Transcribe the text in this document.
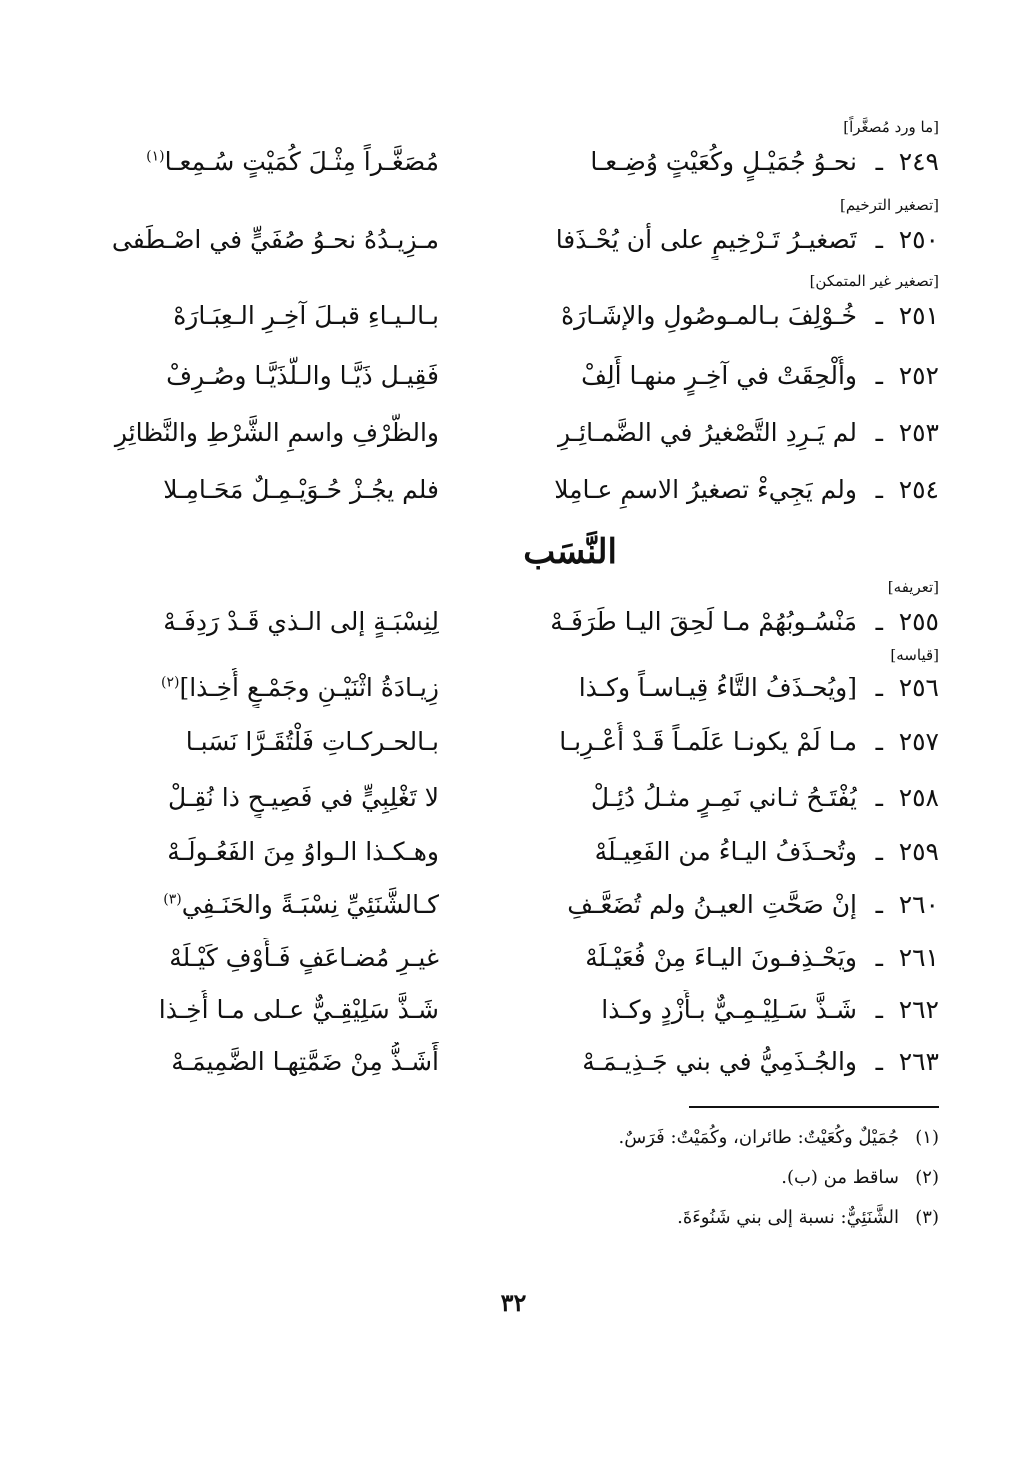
[ما ورد مُصغَّراً]
٢٤٩
ـ
نحـوُ جُمَيْـلٍ وكُعَيْتٍ وُضِـعـا
مُصَغَّـراً مِثْـلَ كُمَيْتٍ سُـمِعـا$^{(١)}$
[تصغير الترخيم]
٢٥٠
ـ
تَصغيـرُ تَـرْخِيمٍ على أن يُحْـذَفا
مـزِيـدُهُ نحـوُ صُفَيٍّ في اصْـطَفى
[تصغير غير المتمكن]
٢٥١
ـ
خُـوْلِفَ بـالمـوصُولِ والإشَـارَهْ
بـالـيـاءِ قبـلَ آخِـرِ الـعِبَـارَهْ
٢٥٢
ـ
وأُلْحِقَتْ في آخِـرٍ منهـا أَلِفْ
فَقِيـل ذَيَّـا والـلَّذَيَّـا وصُـرِفْ
٢٥٣
ـ
لم يَـرِدِ التَّصْغيرُ في الضَّمـائِـرِ
والظَّرْفِ واسمِ الشَّرْطِ والنَّظائِرِ
٢٥٤
ـ
ولم يَجِيءْ تصغيرُ الاسمِ عـامِلا
فلم يجُـزْ حُـوَيْـمِـلٌ مَحَـامِـلا
النَّسَب
[تعريفه]
٢٥٥
ـ
مَنْسُـوبُهُمْ مـا لَحِقَ اليـا طَرَفَـهْ
لِنِسْبَـةٍ إلى الـذي قَـدْ رَدِفَـهْ
[قياسه]
٢٥٦
ـ
[ويُحـذَفُ التَّاءُ قِيـاسـاً وكـذا
زِيـادَةُ اثْنَيْـنِ وجَمْـعٍ أُخِـذا]$^{(٢)}$
٢٥٧
ـ
مـا لَمْ يكونـا عَلَمـاً قَـدْ أُعْـرِبـا
بـالحـركـاتِ فَلْتُقَـرَّا نَسَبـا
٢٥٨
ـ
يُفْتَـحُ ثـاني نَمِـرٍ مثـلُ دُئِـلْ
لا تَغْلِبِيٍّ في فَصِيـحٍ ذا نُقِـلْ
٢٥٩
ـ
وتُحـذَفُ اليـاءُ من الفَعِيـلَهْ
وهـكـذا الـواوُ مِنَ الفَعُـولَـهْ
٢٦٠
ـ
إنْ صَحَّتِ العيـنُ ولم تُضَعَّـفِ
كـالشَّنَئِيِّ نِسْبَـةً والحَنَـفِي$^{(٣)}$
٢٦١
ـ
ويَحْـذِفـونَ اليـاءَ مِنْ فُعَيْـلَهْ
غيـرِ مُضـاعَفٍ فَـأَوْفِ كَيْـلَهْ
٢٦٢
ـ
شَـذَّ سَـلِيْـمِـيٌّ بـأَزْدٍ وكـذا
شَـذَّ سَلِيْقِـيٌّ عـلى مـا أُخِـذا
٢٦٣
ـ
والجُـذَمِيُّ في بني جَـذِيـمَـهْ
أَشَـذُّ مِنْ ضَمَّتِهـا الضَّمِيمَـهْ
(١)جُمَيْلٌ وكُعَيْتٌ: طائران، وكُمَيْتٌ: فَرَسٌ.
(٢)ساقط من (ب).
(٣)الشَّنَئِيٌّ: نسبة إلى بني شَنُوءَةَ.
٣٢
